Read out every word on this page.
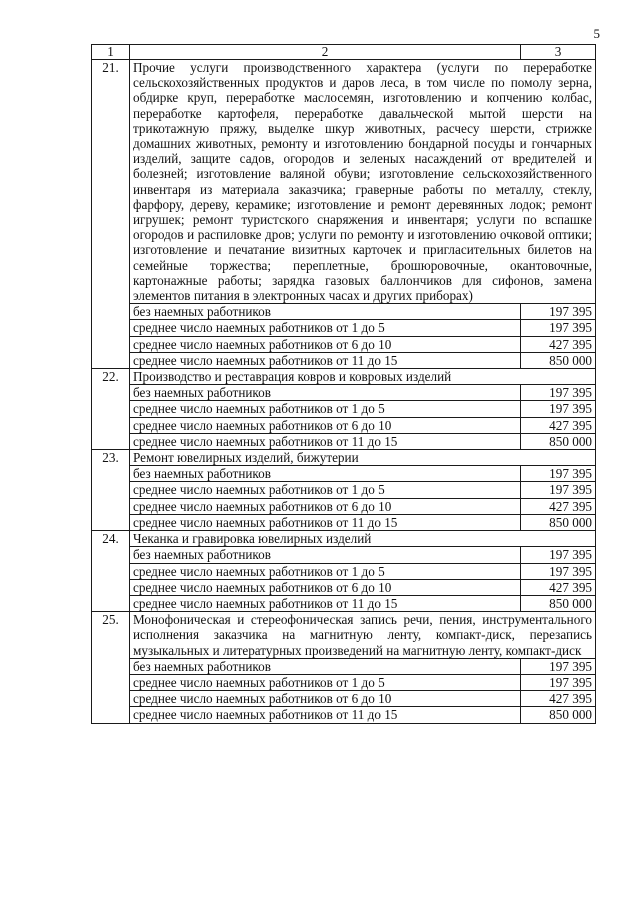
5
1	2	3
21.	Прочие услуги производственного характера (услуги по переработке сельскохозяйственных продуктов и даров леса, в том числе по помолу зерна, обдирке круп, переработке маслосемян, изготовлению и копчению колбас, переработке картофеля, переработке давальческой мытой шерсти на трикотажную пряжу, выделке шкур животных, расчесу шерсти, стрижке домашних животных, ремонту и изготовлению бондарной посуды и гончарных изделий, защите садов, огородов и зеленых насаждений от вредителей и болезней; изготовление валяной обуви; изготовление сельскохозяйственного инвентаря из материала заказчика; граверные работы по металлу, стеклу, фарфору, дереву, керамике; изготовление и ремонт деревянных лодок; ремонт игрушек; ремонт туристского снаряжения и инвентаря; услуги по вспашке огородов и распиловке дров; услуги по ремонту и изготовлению очковой оптики; изготовление и печатание визитных карточек и пригласительных билетов на семейные торжества; переплетные, брошюровочные, окантовочные, картонажные работы; зарядка газовых баллончиков для сифонов, замена элементов питания в электронных часах и других приборах)	
	без наемных работников	197 395
	среднее число наемных работников от 1 до 5	197 395
	среднее число наемных работников от 6 до 10	427 395
	среднее число наемных работников от 11 до 15	850 000
22.	Производство и реставрация ковров и ковровых изделий	
	без наемных работников	197 395
	среднее число наемных работников от 1 до 5	197 395
	среднее число наемных работников от 6 до 10	427 395
	среднее число наемных работников от 11 до 15	850 000
23.	Ремонт ювелирных изделий, бижутерии	
	без наемных работников	197 395
	среднее число наемных работников от 1 до 5	197 395
	среднее число наемных работников от 6 до 10	427 395
	среднее число наемных работников от 11 до 15	850 000
24.	Чеканка и гравировка ювелирных изделий	
	без наемных работников	197 395
	среднее число наемных работников от 1 до 5	197 395
	среднее число наемных работников от 6 до 10	427 395
	среднее число наемных работников от 11 до 15	850 000
25.	Монофоническая и стереофоническая запись речи, пения, инструментального исполнения заказчика на магнитную ленту, компакт-диск, перезапись музыкальных и литературных произведений на магнитную ленту, компакт-диск	
	без наемных работников	197 395
	среднее число наемных работников от 1 до 5	197 395
	среднее число наемных работников от 6 до 10	427 395
	среднее число наемных работников от 11 до 15	850 000
